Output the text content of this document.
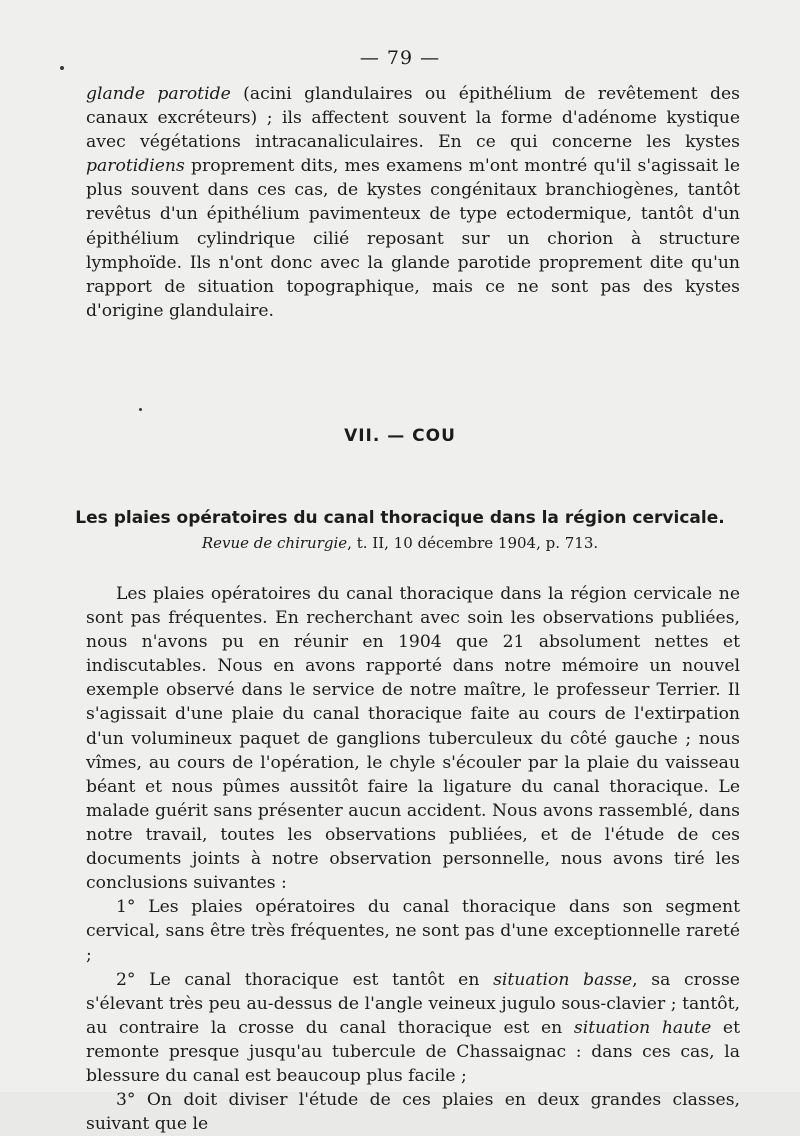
— 79 —

glande parotide (acini glandulaires ou épithélium de revêtement des canaux excréteurs) ; ils affectent souvent la forme d'adénome kystique avec végétations intracanaliculaires. En ce qui concerne les kystes parotidiens proprement dits, mes examens m'ont montré qu'il s'agissait le plus souvent dans ces cas, de kystes congénitaux branchiogènes, tantôt revêtus d'un épithélium pavimenteux de type ectodermique, tantôt d'un épithélium cylindrique cilié reposant sur un chorion à structure lymphoïde. Ils n'ont donc avec la glande parotide proprement dite qu'un rapport de situation topographique, mais ce ne sont pas des kystes d'origine glandulaire.

VII. — COU
Les plaies opératoires du canal thoracique dans la région cervicale.
Revue de chirurgie, t. II, 10 décembre 1904, p. 713.

Les plaies opératoires du canal thoracique dans la région cervicale ne sont pas fréquentes. En recherchant avec soin les observations publiées, nous n'avons pu en réunir en 1904 que 21 absolument nettes et indiscutables. Nous en avons rapporté dans notre mémoire un nouvel exemple observé dans le service de notre maître, le professeur Terrier. Il s'agissait d'une plaie du canal thoracique faite au cours de l'extirpation d'un volumineux paquet de ganglions tuberculeux du côté gauche ; nous vîmes, au cours de l'opération, le chyle s'écouler par la plaie du vaisseau béant et nous pûmes aussitôt faire la ligature du canal thoracique. Le malade guérit sans présenter aucun accident. Nous avons rassemblé, dans notre travail, toutes les observations publiées, et de l'étude de ces documents joints à notre observation personnelle, nous avons tiré les conclusions suivantes :

1° Les plaies opératoires du canal thoracique dans son segment cervical, sans être très fréquentes, ne sont pas d'une exceptionnelle rareté ;

2° Le canal thoracique est tantôt en situation basse, sa crosse s'élevant très peu au-dessus de l'angle veineux jugulo sous-clavier ; tantôt, au contraire la crosse du canal thoracique est en situation haute et remonte presque jusqu'au tubercule de Chassaignac : dans ces cas, la blessure du canal est beaucoup plus facile ;

3° On doit diviser l'étude de ces plaies en deux grandes classes, suivant que le
